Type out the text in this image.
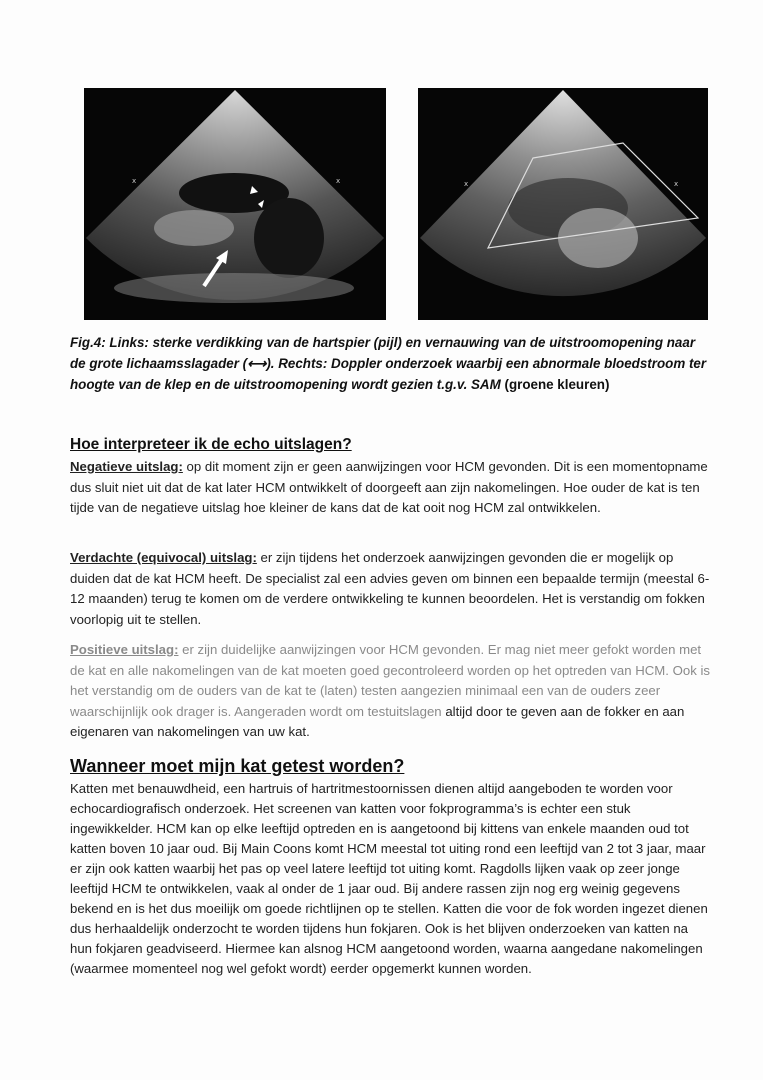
x	x	x	x
Fig.4: Links: sterke verdikking van de hartspier (pijl) en vernauwing van de uitstroomopening naar de grote lichaamsslagader (⟷). Rechts: Doppler onderzoek waarbij een abnormale bloedstroom ter hoogte van de klep en de uitstroomopening wordt gezien t.g.v. SAM (groene kleuren)
Hoe interpreteer ik de echo uitslagen?
Negatieve uitslag: op dit moment zijn er geen aanwijzingen voor HCM gevonden. Dit is een momentopname dus sluit niet uit dat de kat later HCM ontwikkelt of doorgeeft aan zijn nakomelingen. Hoe ouder de kat is ten tijde van de negatieve uitslag hoe kleiner de kans dat de kat ooit nog HCM zal ontwikkelen.
Verdachte (equivocal) uitslag: er zijn tijdens het onderzoek aanwijzingen gevonden die er mogelijk op duiden dat de kat HCM heeft. De specialist zal een advies geven om binnen een bepaalde termijn (meestal 6-12 maanden) terug te komen om de verdere ontwikkeling te kunnen beoordelen. Het is verstandig om fokken voorlopig uit te stellen.
Positieve uitslag: er zijn duidelijke aanwijzingen voor HCM gevonden. Er mag niet meer gefokt worden met de kat en alle nakomelingen van de kat moeten goed gecontroleerd worden op het optreden van HCM. Ook is het verstandig om de ouders van de kat te (laten) testen aangezien minimaal een van de ouders zeer waarschijnlijk ook drager is. Aangeraden wordt om testuitslagen altijd door te geven aan de fokker en aan eigenaren van nakomelingen van uw kat.
Wanneer moet mijn kat getest worden?
Katten met benauwdheid, een hartruis of hartritmestoornissen dienen altijd aangeboden te worden voor echocardiografisch onderzoek. Het screenen van katten voor fokprogramma’s is echter een stuk ingewikkelder. HCM kan op elke leeftijd optreden en is aangetoond bij kittens van enkele maanden oud tot katten boven 10 jaar oud. Bij Main Coons komt HCM meestal tot uiting rond een leeftijd van 2 tot 3 jaar, maar er zijn ook katten waarbij het pas op veel latere leeftijd tot uiting komt. Ragdolls lijken vaak op zeer jonge leeftijd HCM te ontwikkelen, vaak al onder de 1 jaar oud. Bij andere rassen zijn nog erg weinig gegevens bekend en is het dus moeilijk om goede richtlijnen op te stellen. Katten die voor de fok worden ingezet dienen dus herhaaldelijk onderzocht te worden tijdens hun fokjaren. Ook is het blijven onderzoeken van katten na hun fokjaren geadviseerd. Hiermee kan alsnog HCM aangetoond worden, waarna aangedane nakomelingen (waarmee momenteel nog wel gefokt wordt) eerder opgemerkt kunnen worden.
